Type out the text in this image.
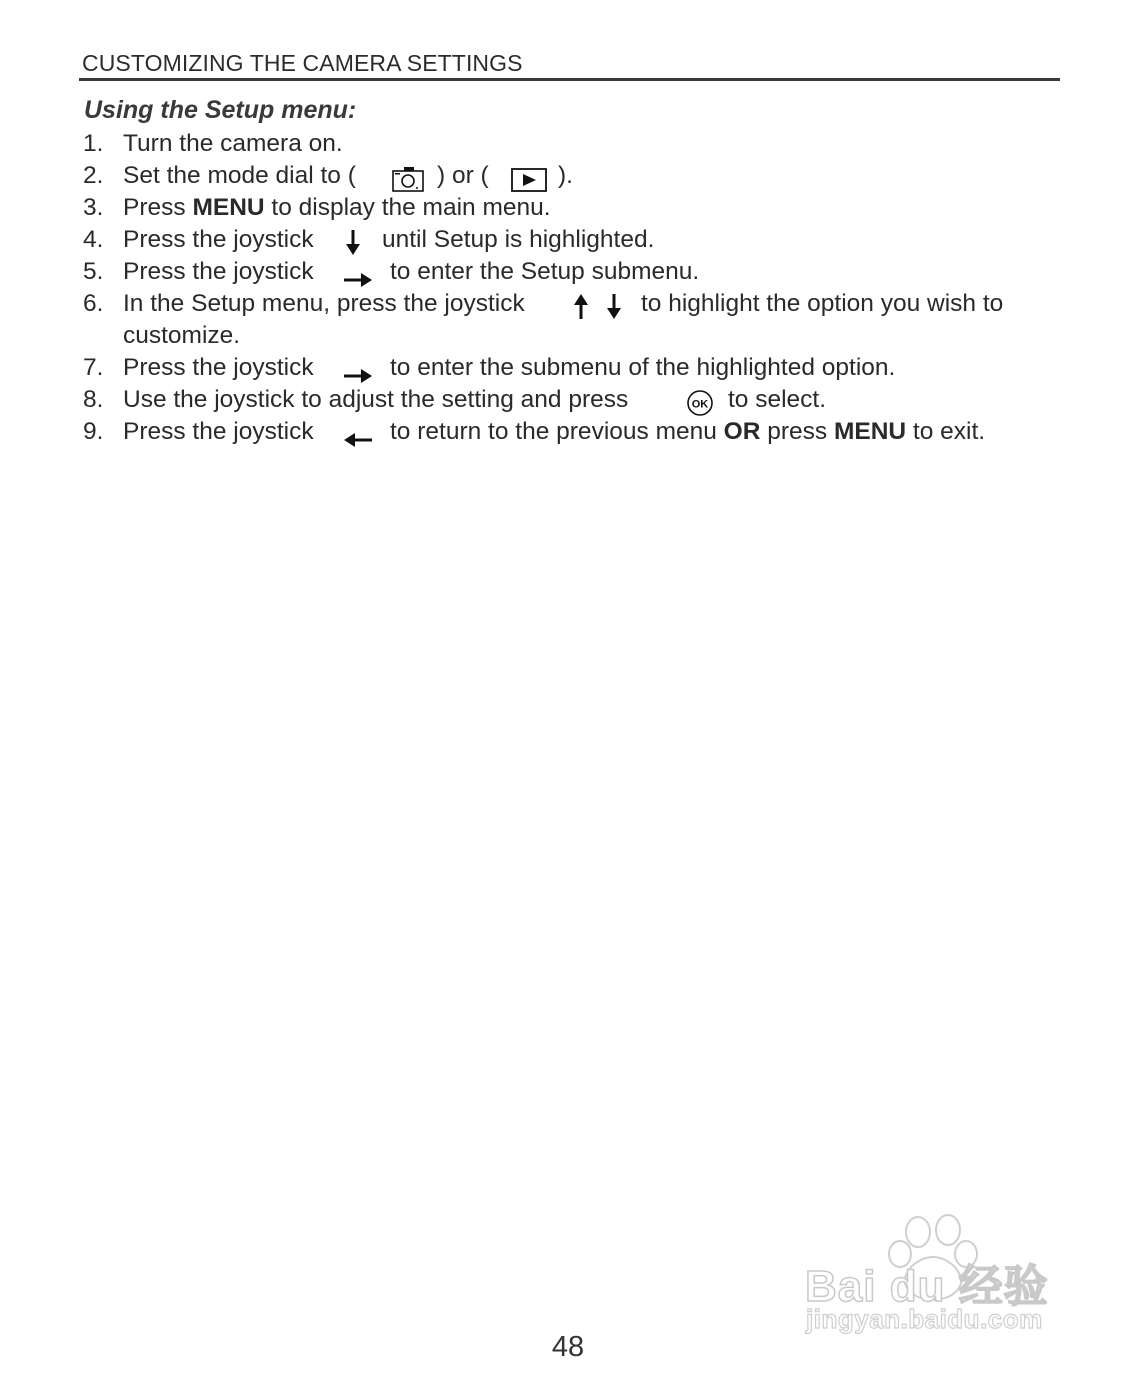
CUSTOMIZING THE CAMERA SETTINGS
Using the Setup menu:
1. Turn the camera on.
2. Set the mode dial to (	) or (	).
3. Press MENU to display the main menu.
4. Press the joystick	until Setup is highlighted.
5. Press the joystick	to enter the Setup submenu.
6. In the Setup menu, press the joystick	to highlight the option you wish to
customize.
7. Press the joystick	to enter the submenu of the highlighted option.
8. Use the joystick to adjust the setting and press	OK to select.
9. Press the joystick	to return to the previous menu OR press MENU to exit.
Bai du 经验
jingyan.baidu.com
48
